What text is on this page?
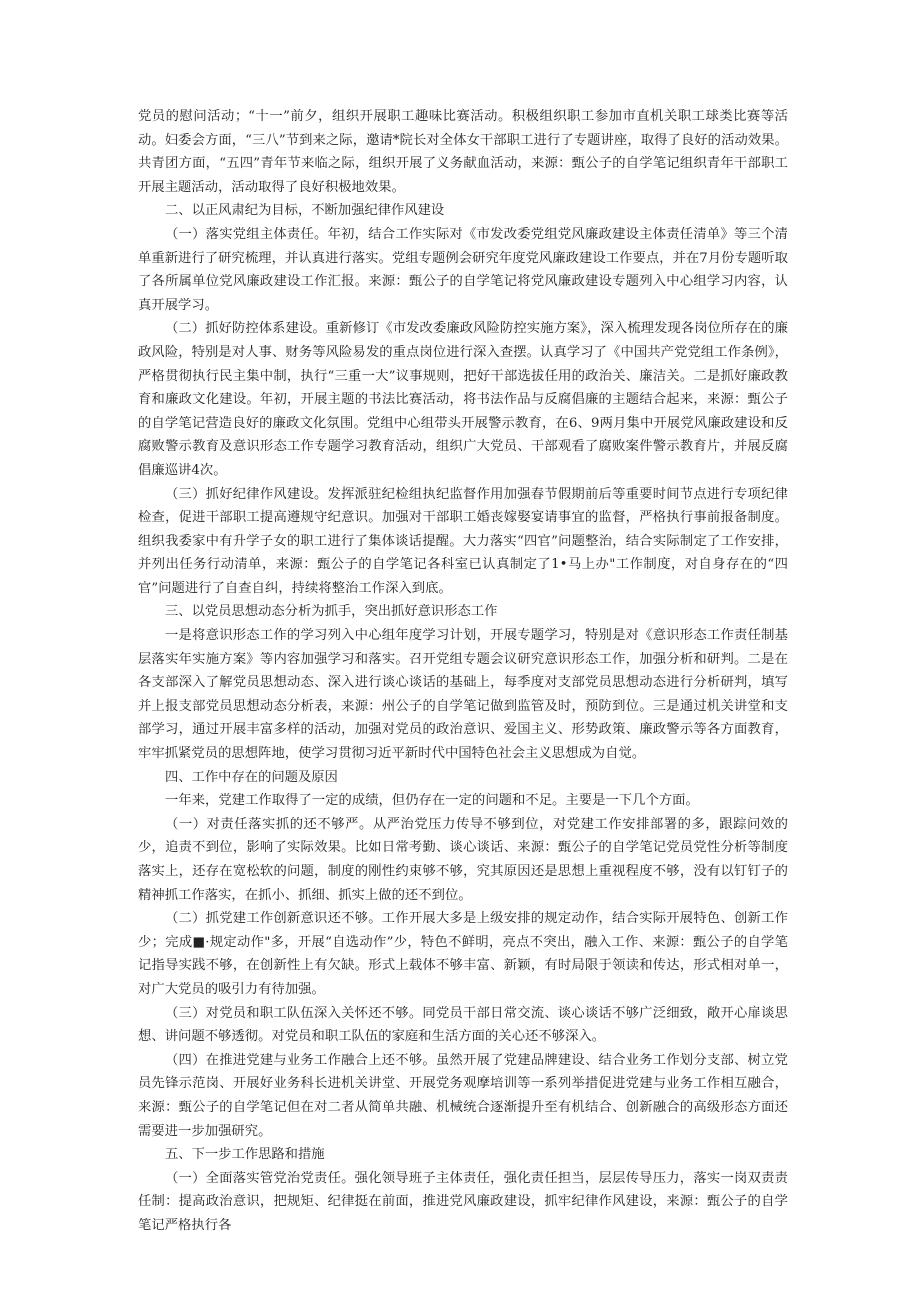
党员的慰问活动；“十一”前夕，组织开展职工趣味比赛活动。积极组织职工参加市直机关职工球类比赛等活动。妇委会方面，“三八”节到来之际，邀请*院长对全体女干部职工进行了专题讲座，取得了良好的活动效果。共青团方面，“五四”青年节来临之际，组织开展了义务献血活动，来源：甄公子的自学笔记组织青年干部职工开展主题活动，活动取得了良好积极地效果。

二、以正风肃纪为目标，不断加强纪律作风建设

（一）落实党组主体责任。年初，结合工作实际对《市发改委党组党风廉政建设主体责任清单》等三个清单重新进行了研究梳理，并认真进行落实。党组专题例会研究年度党风廉政建设工作要点，并在7月份专题听取了各所属单位党风廉政建设工作汇报。来源：甄公子的自学笔记将党风廉政建设专题列入中心组学习内容，认真开展学习。

（二）抓好防控体系建设。重新修订《市发改委廉政风险防控实施方案》，深入梳理发现各岗位所存在的廉政风险，特别是对人事、财务等风险易发的重点岗位进行深入查摆。认真学习了《中国共产党党组工作条例》，严格贯彻执行民主集中制，执行“三重一大”议事规则，把好干部选拔任用的政治关、廉洁关。二是抓好廉政教育和廉政文化建设。年初，开展主题的书法比赛活动，将书法作品与反腐倡廉的主题结合起来，来源：甄公子的自学笔记营造良好的廉政文化氛围。党组中心组带头开展警示教育，在6、9两月集中开展党风廉政建设和反腐败警示教育及意识形态工作专题学习教育活动，组织广大党员、干部观看了腐败案件警示教育片，并展反腐倡廉巡讲4次。

（三）抓好纪律作风建设。发挥派驻纪检组执纪监督作用加强春节假期前后等重要时间节点进行专项纪律检查，促进干部职工提高遵规守纪意识。加强对干部职工婚丧嫁娶宴请事宜的监督，严格执行事前报备制度。组织我委家中有升学子女的职工进行了集体谈话提醒。大力落实“四官”问题整治，结合实际制定了工作安排，并列出任务行动清单，来源：甄公子的自学笔记各科室已认真制定了1•马上办"工作制度，对自身存在的“四官”问题进行了自查自纠，持续将整治工作深入到底。

三、以党员思想动态分析为抓手，突出抓好意识形态工作

一是将意识形态工作的学习列入中心组年度学习计划，开展专题学习，特别是对《意识形态工作责任制基层落实年实施方案》等内容加强学习和落实。召开党组专题会议研究意识形态工作，加强分析和研判。二是在各支部深入了解党员思想动态、深入进行谈心谈话的基础上，每季度对支部党员思想动态进行分析研判，填写并上报支部党员思想动态分析表，来源：州公子的自学笔记做到监管及时，预防到位。三是通过机关讲堂和支部学习，通过开展丰富多样的活动，加强对党员的政治意识、爱国主义、形势政策、廉政警示等各方面教育，牢牢抓紧党员的思想阵地，使学习贯彻习近平新时代中国特色社会主义思想成为自觉。

四、工作中存在的问题及原因

一年来，党建工作取得了一定的成绩，但仍存在一定的问题和不足。主要是一下几个方面。

（一）对责任落实抓的还不够严。从严治党压力传导不够到位，对党建工作安排部署的多，跟踪问效的少，追责不到位，影响了实际效果。比如日常考勤、谈心谈话、来源：甄公子的自学笔记党员党性分析等制度落实上，还存在宽松软的问题，制度的刚性约束够不够，究其原因还是思想上重视程度不够，没有以钉钉子的精神抓工作落实，在抓小、抓细、抓实上做的还不到位。

（二）抓党建工作创新意识还不够。工作开展大多是上级安排的规定动作，结合实际开展特色、创新工作少；完成■·规定动作"多，开展“自选动作”少，特色不鲜明，亮点不突出，融入工作、来源：甄公子的自学笔记指导实践不够，在创新性上有欠缺。形式上载体不够丰富、新颖，有时局限于领读和传达，形式相对单一，对广大党员的吸引力有待加强。

（三）对党员和职工队伍深入关怀还不够。同党员干部日常交流、谈心谈话不够广泛细致，敞开心扉谈思想、讲问题不够透彻。对党员和职工队伍的家庭和生活方面的关心还不够深入。

（四）在推进党建与业务工作融合上还不够。虽然开展了党建品牌建设、结合业务工作划分支部、树立党员先锋示范岗、开展好业务科长进机关讲堂、开展党务观摩培训等一系列举措促进党建与业务工作相互融合，来源：甄公子的自学笔记但在对二者从简单共融、机械统合逐渐提升至有机结合、创新融合的高级形态方面还需要进一步加强研究。

五、下一步工作思路和措施

（一）全面落实管党治党责任。强化领导班子主体责任，强化责任担当，层层传导压力，落实一岗双责责任制：提高政治意识，把规矩、纪律挺在前面，推进党风廉政建设，抓牢纪律作风建设，来源：甄公子的自学笔记严格执行各
